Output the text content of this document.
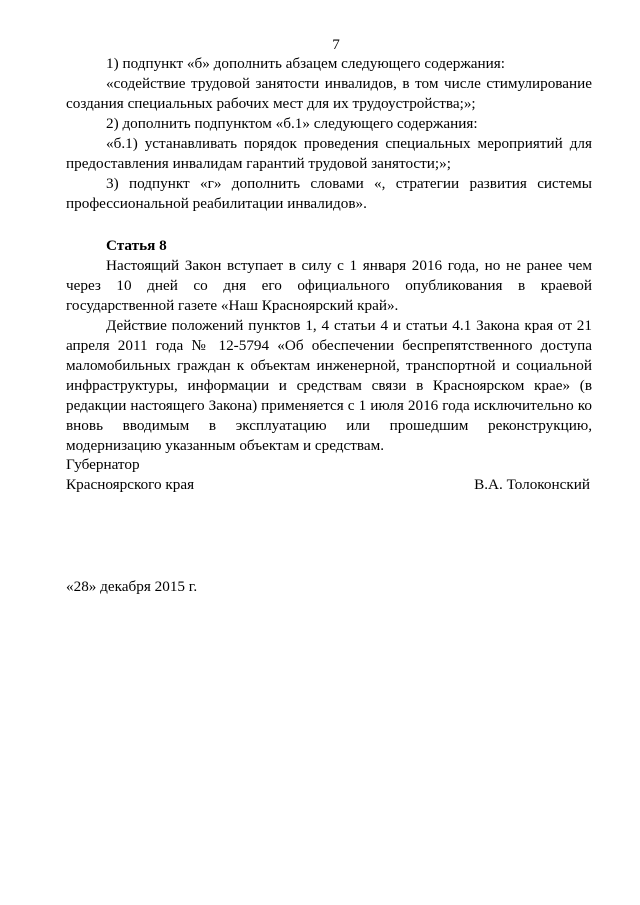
7

1) подпункт «б» дополнить абзацем следующего содержания:

«содействие трудовой занятости инвалидов, в том числе стимулирование создания специальных рабочих мест для их трудоустройства;»;

2) дополнить подпунктом «б.1» следующего содержания:

«б.1) устанавливать порядок проведения специальных мероприятий для предоставления инвалидам гарантий трудовой занятости;»;

3) подпункт «г» дополнить словами «, стратегии развития системы профессиональной реабилитации инвалидов».

Статья 8

Настоящий Закон вступает в силу с 1 января 2016 года, но не ранее чем через 10 дней со дня его официального опубликования в краевой государственной газете «Наш Красноярский край».

Действие положений пунктов 1, 4 статьи 4 и статьи 4.1 Закона края от 21 апреля 2011 года № 12-5794 «Об обеспечении беспрепятственного доступа маломобильных граждан к объектам инженерной, транспортной и социальной инфраструктуры, информации и средствам связи в Красноярском крае» (в редакции настоящего Закона) применяется с 1 июля 2016 года исключительно ко вновь вводимым в эксплуатацию или прошедшим реконструкцию, модернизацию указанным объектам и средствам.

Губернатор
Красноярского края	В.А. Толоконский
«28» декабря 2015 г.
